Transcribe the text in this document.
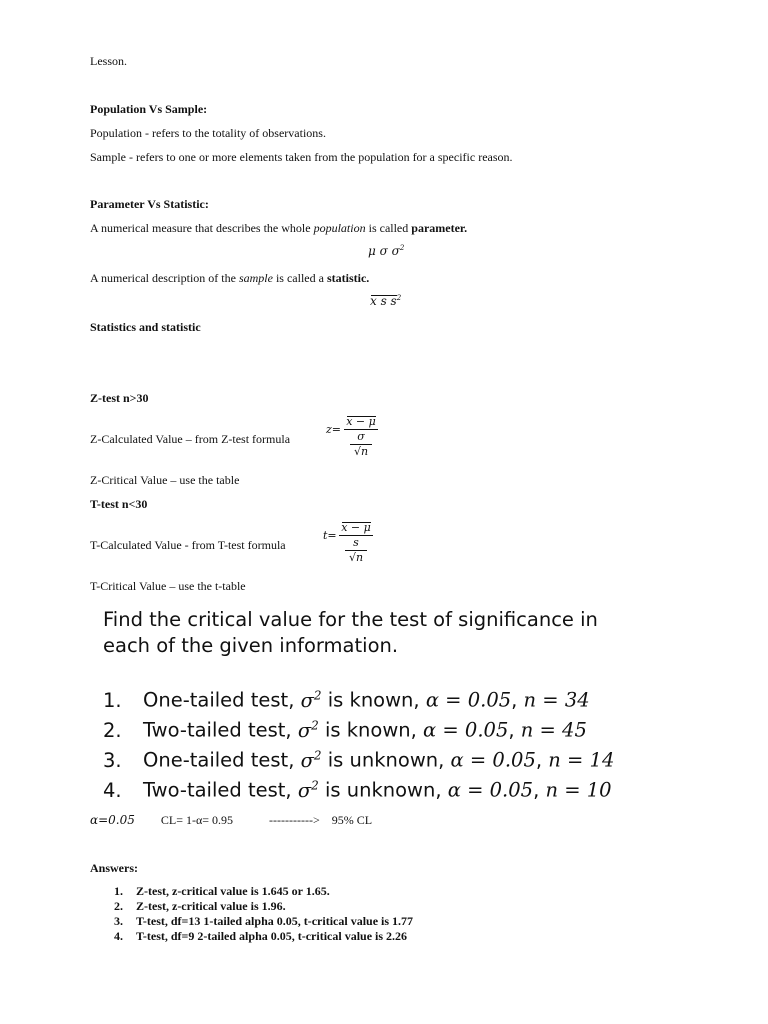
Lesson.
Population Vs Sample:
Population - refers to the totality of observations.
Sample - refers to one or more elements taken from the population for a specific reason.
Parameter Vs Statistic:
A numerical measure that describes the whole population is called parameter.
μ σ $\sigma^2$
A numerical description of the sample is called a statistic.
x s $s^2$
Statistics and statistic
Z-test n>30
Z-Calculated Value – from Z-test formula
z=
x − μ
σ
√n
Z-Critical Value – use the table
T-test n<30
T-Calculated Value - from T-test formula
t=
x − μ
s
√n
T-Critical Value – use the t-table
Find the critical value for the test of significance in
each of the given information.
1. One-tailed test, $\sigma^2$ is known, α = 0.05, n = 34
2. Two-tailed test, $\sigma^2$ is known, α = 0.05, n = 45
3. One-tailed test, $\sigma^2$ is unknown, α = 0.05, n = 14
4. Two-tailed test, $\sigma^2$ is unknown, α = 0.05, n = 10
α=0.05 CL= 1-α= 0.95	-----------> 95% CL
Answers:
1. Z-test, z-critical value is 1.645 or 1.65.
2. Z-test, z-critical value is 1.96.
3. T-test, df=13 1-tailed alpha 0.05, t-critical value is 1.77
4. T-test, df=9 2-tailed alpha 0.05, t-critical value is 2.26
